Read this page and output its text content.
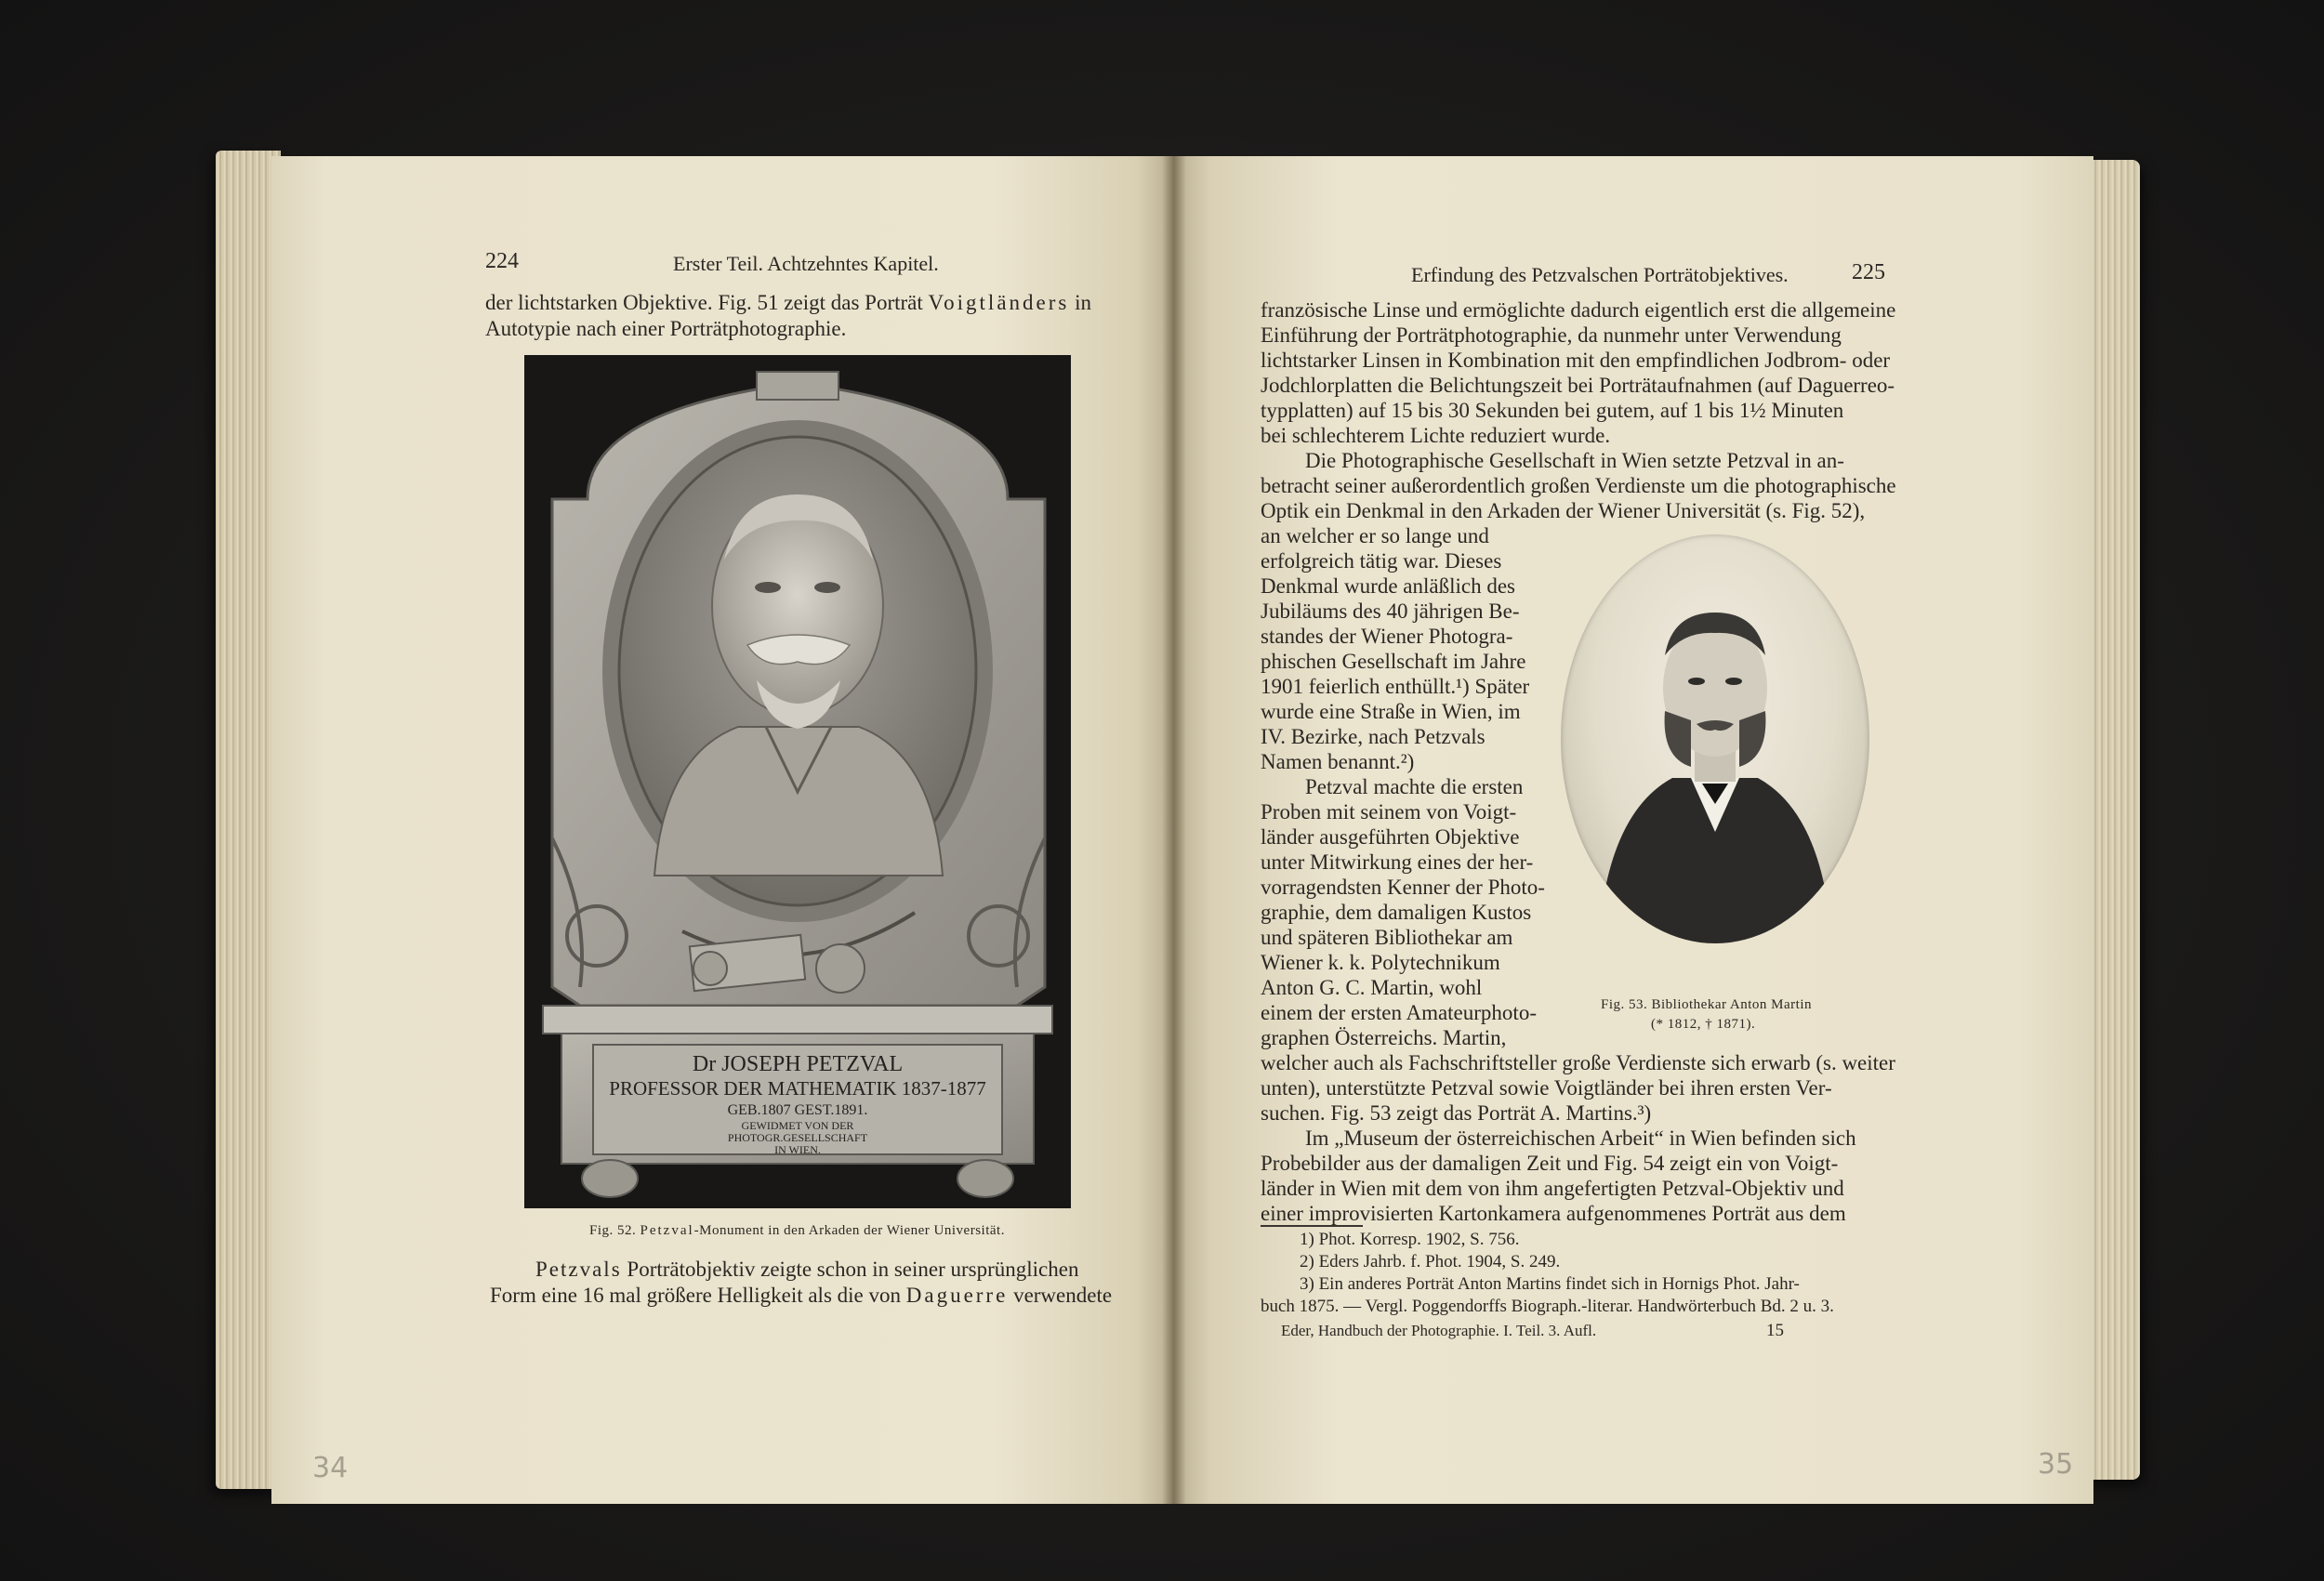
224	Erster Teil. Achtzehntes Kapitel.
der lichtstarken Objektive. Fig. 51 zeigt das Porträt Voigtländers in
Autotypie nach einer Porträtphotographie.
Dr JOSEPH PETZVAL
PROFESSOR DER MATHEMATIK 1837-1877
GEB.1807 GEST.1891.
GEWIDMET VON DER
PHOTOGR.GESELLSCHAFT
IN WIEN.
Fig. 52. Petzval-Monument in den Arkaden der Wiener Universität.
Petzvals Porträtobjektiv zeigte schon in seiner ursprünglichen
Form eine 16 mal größere Helligkeit als die von Daguerre verwendete
34
Erfindung des Petzvalschen Porträtobjektives.	225
französische Linse und ermöglichte dadurch eigentlich erst die allgemeine
Einführung der Porträtphotographie, da nunmehr unter Verwendung
lichtstarker Linsen in Kombination mit den empfindlichen Jodbrom- oder
Jodchlorplatten die Belichtungszeit bei Porträtaufnahmen (auf Daguerreo-
typplatten) auf 15 bis 30 Sekunden bei gutem, auf 1 bis 1½ Minuten
bei schlechterem Lichte reduziert wurde.
Die Photographische Gesellschaft in Wien setzte Petzval in an-
betracht seiner außerordentlich großen Verdienste um die photographische
Optik ein Denkmal in den Arkaden der Wiener Universität (s. Fig. 52),
an welcher er so lange und
erfolgreich tätig war. Dieses
Denkmal wurde anläßlich des
Jubiläums des 40 jährigen Be-
standes der Wiener Photogra-
phischen Gesellschaft im Jahre
1901 feierlich enthüllt.¹) Später
wurde eine Straße in Wien, im
IV. Bezirke, nach Petzvals
Namen benannt.²)
Petzval machte die ersten
Proben mit seinem von Voigt-
länder ausgeführten Objektive
unter Mitwirkung eines der her-
vorragendsten Kenner der Photo-
graphie, dem damaligen Kustos
und späteren Bibliothekar am
Wiener k. k. Polytechnikum
Anton G. C. Martin, wohl
einem der ersten Amateurphoto-
graphen Österreichs. Martin,
Fig. 53. Bibliothekar Anton Martin
(* 1812, † 1871).
welcher auch als Fachschriftsteller große Verdienste sich erwarb (s. weiter
unten), unterstützte Petzval sowie Voigtländer bei ihren ersten Ver-
suchen. Fig. 53 zeigt das Porträt A. Martins.³)
Im „Museum der österreichischen Arbeit“ in Wien befinden sich
Probebilder aus der damaligen Zeit und Fig. 54 zeigt ein von Voigt-
länder in Wien mit dem von ihm angefertigten Petzval-Objektiv und
einer improvisierten Kartonkamera aufgenommenes Porträt aus dem
1) Phot. Korresp. 1902, S. 756.
2) Eders Jahrb. f. Phot. 1904, S. 249.
3) Ein anderes Porträt Anton Martins findet sich in Hornigs Phot. Jahr-
buch 1875. — Vergl. Poggendorffs Biograph.-literar. Handwörterbuch Bd. 2 u. 3.
Eder, Handbuch der Photographie. I. Teil. 3. Aufl.	15
35
